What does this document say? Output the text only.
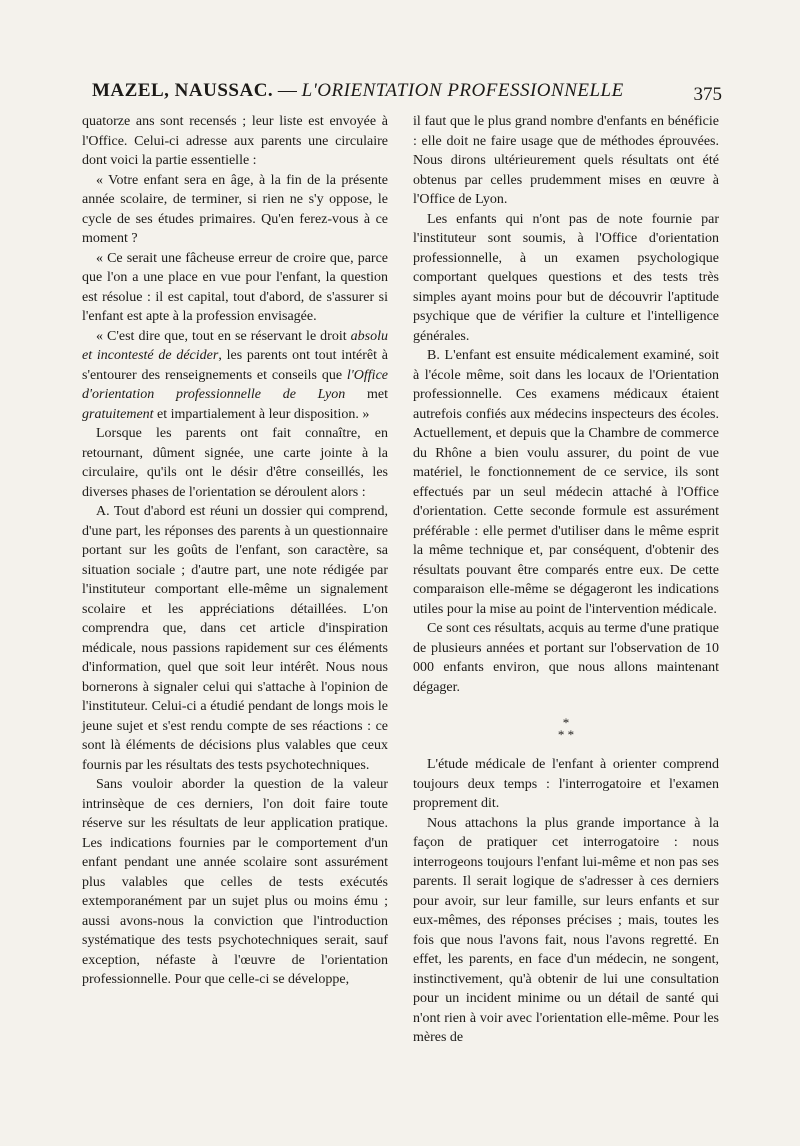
MAZEL, NAUSSAC. — L'ORIENTATION PROFESSIONNELLE	375

quatorze ans sont recensés ; leur liste est envoyée à l'Office. Celui-ci adresse aux parents une circulaire dont voici la partie essentielle :

« Votre enfant sera en âge, à la fin de la présente année scolaire, de terminer, si rien ne s'y oppose, le cycle de ses études primaires. Qu'en ferez-vous à ce moment ?

« Ce serait une fâcheuse erreur de croire que, parce que l'on a une place en vue pour l'enfant, la question est résolue : il est capital, tout d'abord, de s'assurer si l'enfant est apte à la profession envisagée.

« C'est dire que, tout en se réservant le droit absolu et incontesté de décider, les parents ont tout intérêt à s'entourer des renseignements et conseils que l'Office d'orientation professionnelle de Lyon met gratuitement et impartialement à leur disposition. »

Lorsque les parents ont fait connaître, en retournant, dûment signée, une carte jointe à la circulaire, qu'ils ont le désir d'être conseillés, les diverses phases de l'orientation se déroulent alors :

A. Tout d'abord est réuni un dossier qui comprend, d'une part, les réponses des parents à un questionnaire portant sur les goûts de l'enfant, son caractère, sa situation sociale ; d'autre part, une note rédigée par l'instituteur comportant elle-même un signalement scolaire et les appréciations détaillées. L'on comprendra que, dans cet article d'inspiration médicale, nous passions rapidement sur ces éléments d'information, quel que soit leur intérêt. Nous nous bornerons à signaler celui qui s'attache à l'opinion de l'instituteur. Celui-ci a étudié pendant de longs mois le jeune sujet et s'est rendu compte de ses réactions : ce sont là éléments de décisions plus valables que ceux fournis par les résultats des tests psychotechniques.

Sans vouloir aborder la question de la valeur intrinsèque de ces derniers, l'on doit faire toute réserve sur les résultats de leur application pratique. Les indications fournies par le comportement d'un enfant pendant une année scolaire sont assurément plus valables que celles de tests exécutés extemporanément par un sujet plus ou moins ému ; aussi avons-nous la conviction que l'introduction systématique des tests psychotechniques serait, sauf exception, néfaste à l'œuvre de l'orientation professionnelle. Pour que celle-ci se développe,

il faut que le plus grand nombre d'enfants en bénéficie : elle doit ne faire usage que de méthodes éprouvées. Nous dirons ultérieurement quels résultats ont été obtenus par celles prudemment mises en œuvre à l'Office de Lyon.

Les enfants qui n'ont pas de note fournie par l'instituteur sont soumis, à l'Office d'orientation professionnelle, à un examen psychologique comportant quelques questions et des tests très simples ayant moins pour but de découvrir l'aptitude psychique que de vérifier la culture et l'intelligence générales.

B. L'enfant est ensuite médicalement examiné, soit à l'école même, soit dans les locaux de l'Orientation professionnelle. Ces examens médicaux étaient autrefois confiés aux médecins inspecteurs des écoles. Actuellement, et depuis que la Chambre de commerce du Rhône a bien voulu assurer, du point de vue matériel, le fonctionnement de ce service, ils sont effectués par un seul médecin attaché à l'Office d'orientation. Cette seconde formule est assurément préférable : elle permet d'utiliser dans le même esprit la même technique et, par conséquent, d'obtenir des résultats pouvant être comparés entre eux. De cette comparaison elle-même se dégageront les indications utiles pour la mise au point de l'intervention médicale.

Ce sont ces résultats, acquis au terme d'une pratique de plusieurs années et portant sur l'observation de 10 000 enfants environ, que nous allons maintenant dégager.

*
* *

L'étude médicale de l'enfant à orienter comprend toujours deux temps : l'interrogatoire et l'examen proprement dit.

Nous attachons la plus grande importance à la façon de pratiquer cet interrogatoire : nous interrogeons toujours l'enfant lui-même et non pas ses parents. Il serait logique de s'adresser à ces derniers pour avoir, sur leur famille, sur leurs enfants et sur eux-mêmes, des réponses précises ; mais, toutes les fois que nous l'avons fait, nous l'avons regretté. En effet, les parents, en face d'un médecin, ne songent, instinctivement, qu'à obtenir de lui une consultation pour un incident minime ou un détail de santé qui n'ont rien à voir avec l'orientation elle-même. Pour les mères de
